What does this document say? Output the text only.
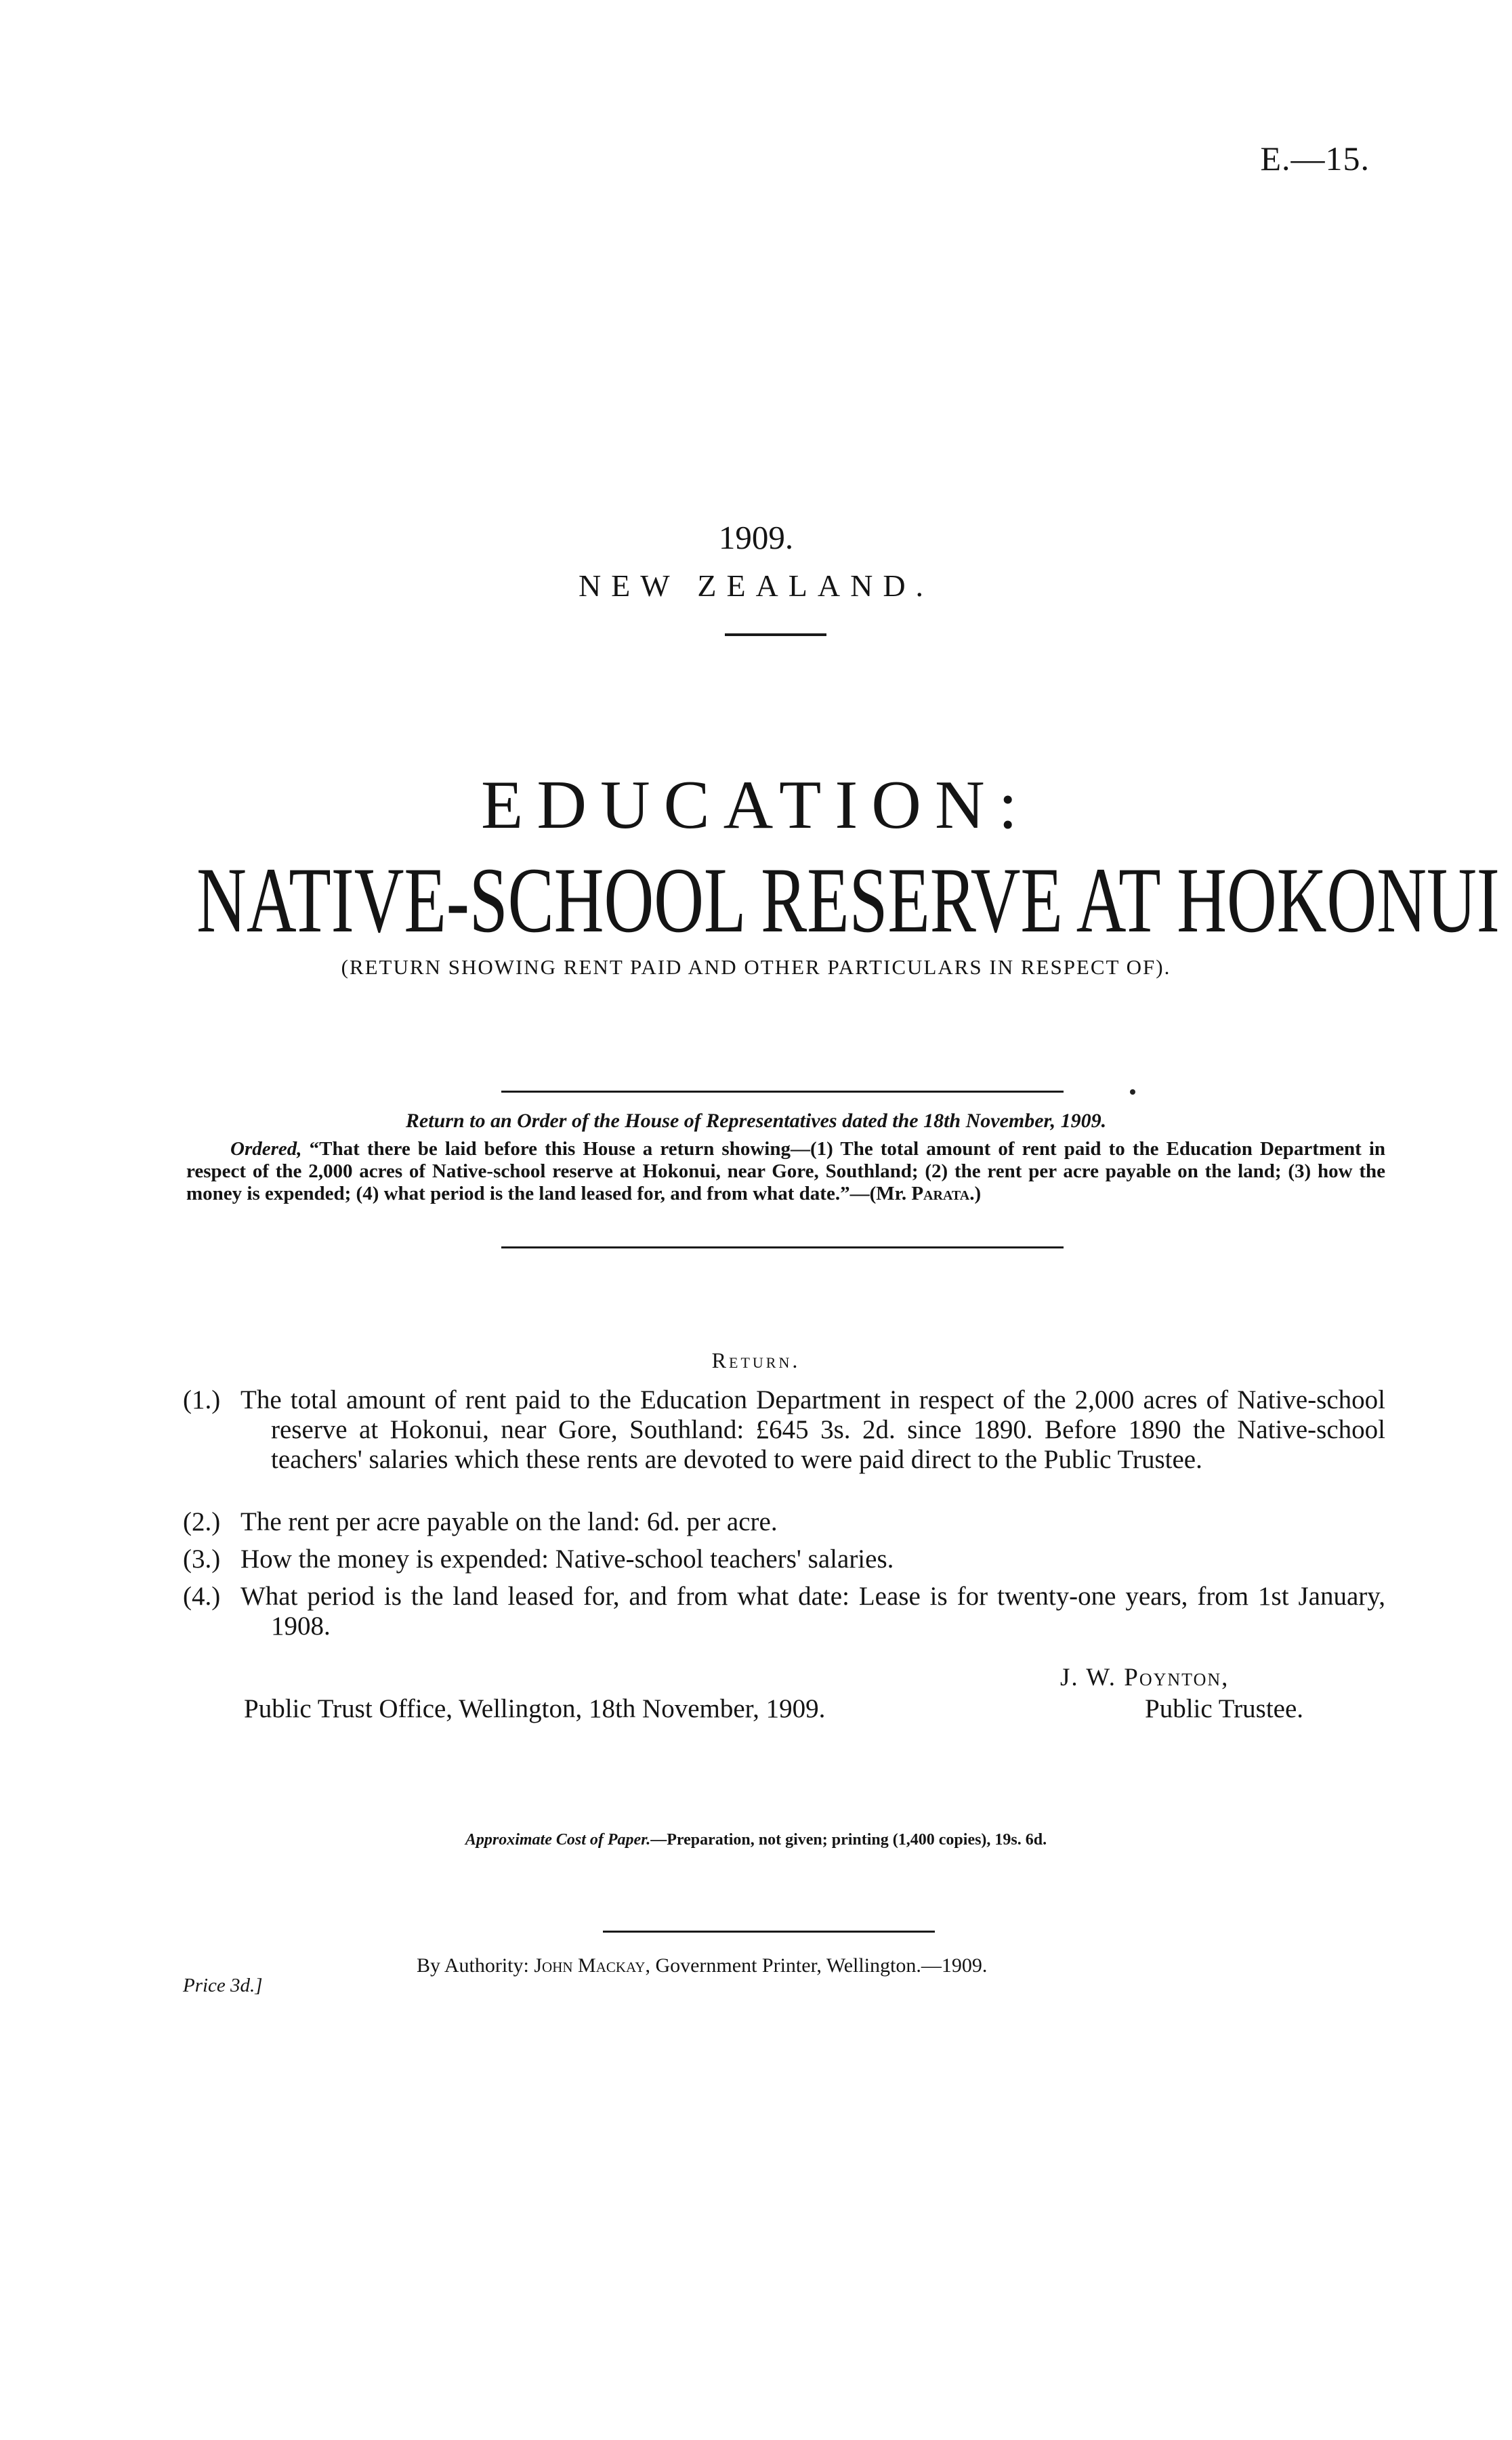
E.—15.
1909.
NEW ZEALAND.
EDUCATION:
NATIVE-SCHOOL RESERVE AT HOKONUI
(RETURN SHOWING RENT PAID AND OTHER PARTICULARS IN RESPECT OF).
Return to an Order of the House of Representatives dated the 18th November, 1909.
Ordered, “That there be laid before this House a return showing—(1) The total amount of rent paid to the Education Department in respect of the 2,000 acres of Native-school reserve at Hokonui, near Gore, Southland; (2) the rent per acre payable on the land; (3) how the money is expended; (4) what period is the land leased for, and from what date.”—(Mr. Parata.)
Return.
(1.) The total amount of rent paid to the Education Department in respect of the 2,000 acres of Native-school reserve at Hokonui, near Gore, Southland: £645 3s. 2d. since 1890. Before 1890 the Native-school teachers' salaries which these rents are devoted to were paid direct to the Public Trustee.
(2.) The rent per acre payable on the land: 6d. per acre.
(3.) How the money is expended: Native-school teachers' salaries.
(4.) What period is the land leased for, and from what date: Lease is for twenty-one years, from 1st January, 1908.
J. W. Poynton,
Public Trust Office, Wellington, 18th November, 1909.	Public Trustee.
Approximate Cost of Paper.—Preparation, not given; printing (1,400 copies), 19s. 6d.
By Authority: John Mackay, Government Printer, Wellington.—1909.
Price 3d.]
